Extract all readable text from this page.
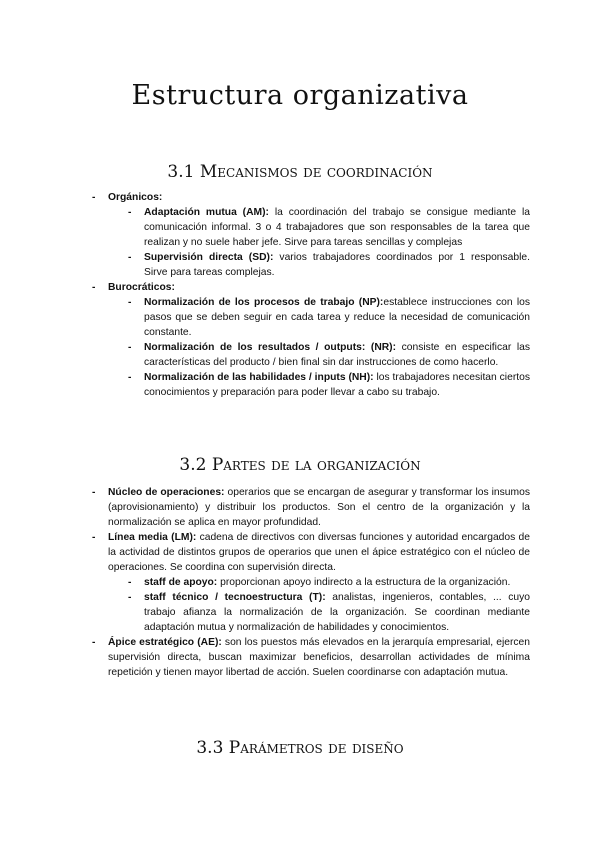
Estructura organizativa
3.1 Mecanismos de coordinación
- Orgánicos:
- Adaptación mutua (AM): la coordinación del trabajo se consigue mediante la comunicación informal. 3 o 4 trabajadores que son responsables de la tarea que realizan y no suele haber jefe. Sirve para tareas sencillas y complejas
- Supervisión directa (SD): varios trabajadores coordinados por 1 responsable. Sirve para tareas complejas.
- Burocráticos:
- Normalización de los procesos de trabajo (NP):establece instrucciones con los pasos que se deben seguir en cada tarea y reduce la necesidad de comunicación constante.
- Normalización de los resultados / outputs: (NR): consiste en especificar las características del producto / bien final sin dar instrucciones de como hacerlo.
- Normalización de las habilidades / inputs (NH): los trabajadores necesitan ciertos conocimientos y preparación para poder llevar a cabo su trabajo.
3.2 Partes de la organización
- Núcleo de operaciones: operarios que se encargan de asegurar y transformar los insumos (aprovisionamiento) y distribuir los productos. Son el centro de la organización y la normalización se aplica en mayor profundidad.
- Línea media (LM): cadena de directivos con diversas funciones y autoridad encargados de la actividad de distintos grupos de operarios que unen el ápice estratégico con el núcleo de operaciones. Se coordina con supervisión directa.
- staff de apoyo: proporcionan apoyo indirecto a la estructura de la organización.
- staff técnico / tecnoestructura (T): analistas, ingenieros, contables, ... cuyo trabajo afianza la normalización de la organización. Se coordinan mediante adaptación mutua y normalización de habilidades y conocimientos.
- Ápice estratégico (AE): son los puestos más elevados en la jerarquía empresarial, ejercen supervisión directa, buscan maximizar beneficios, desarrollan actividades de mínima repetición y tienen mayor libertad de acción. Suelen coordinarse con adaptación mutua.
3.3 Parámetros de diseño
